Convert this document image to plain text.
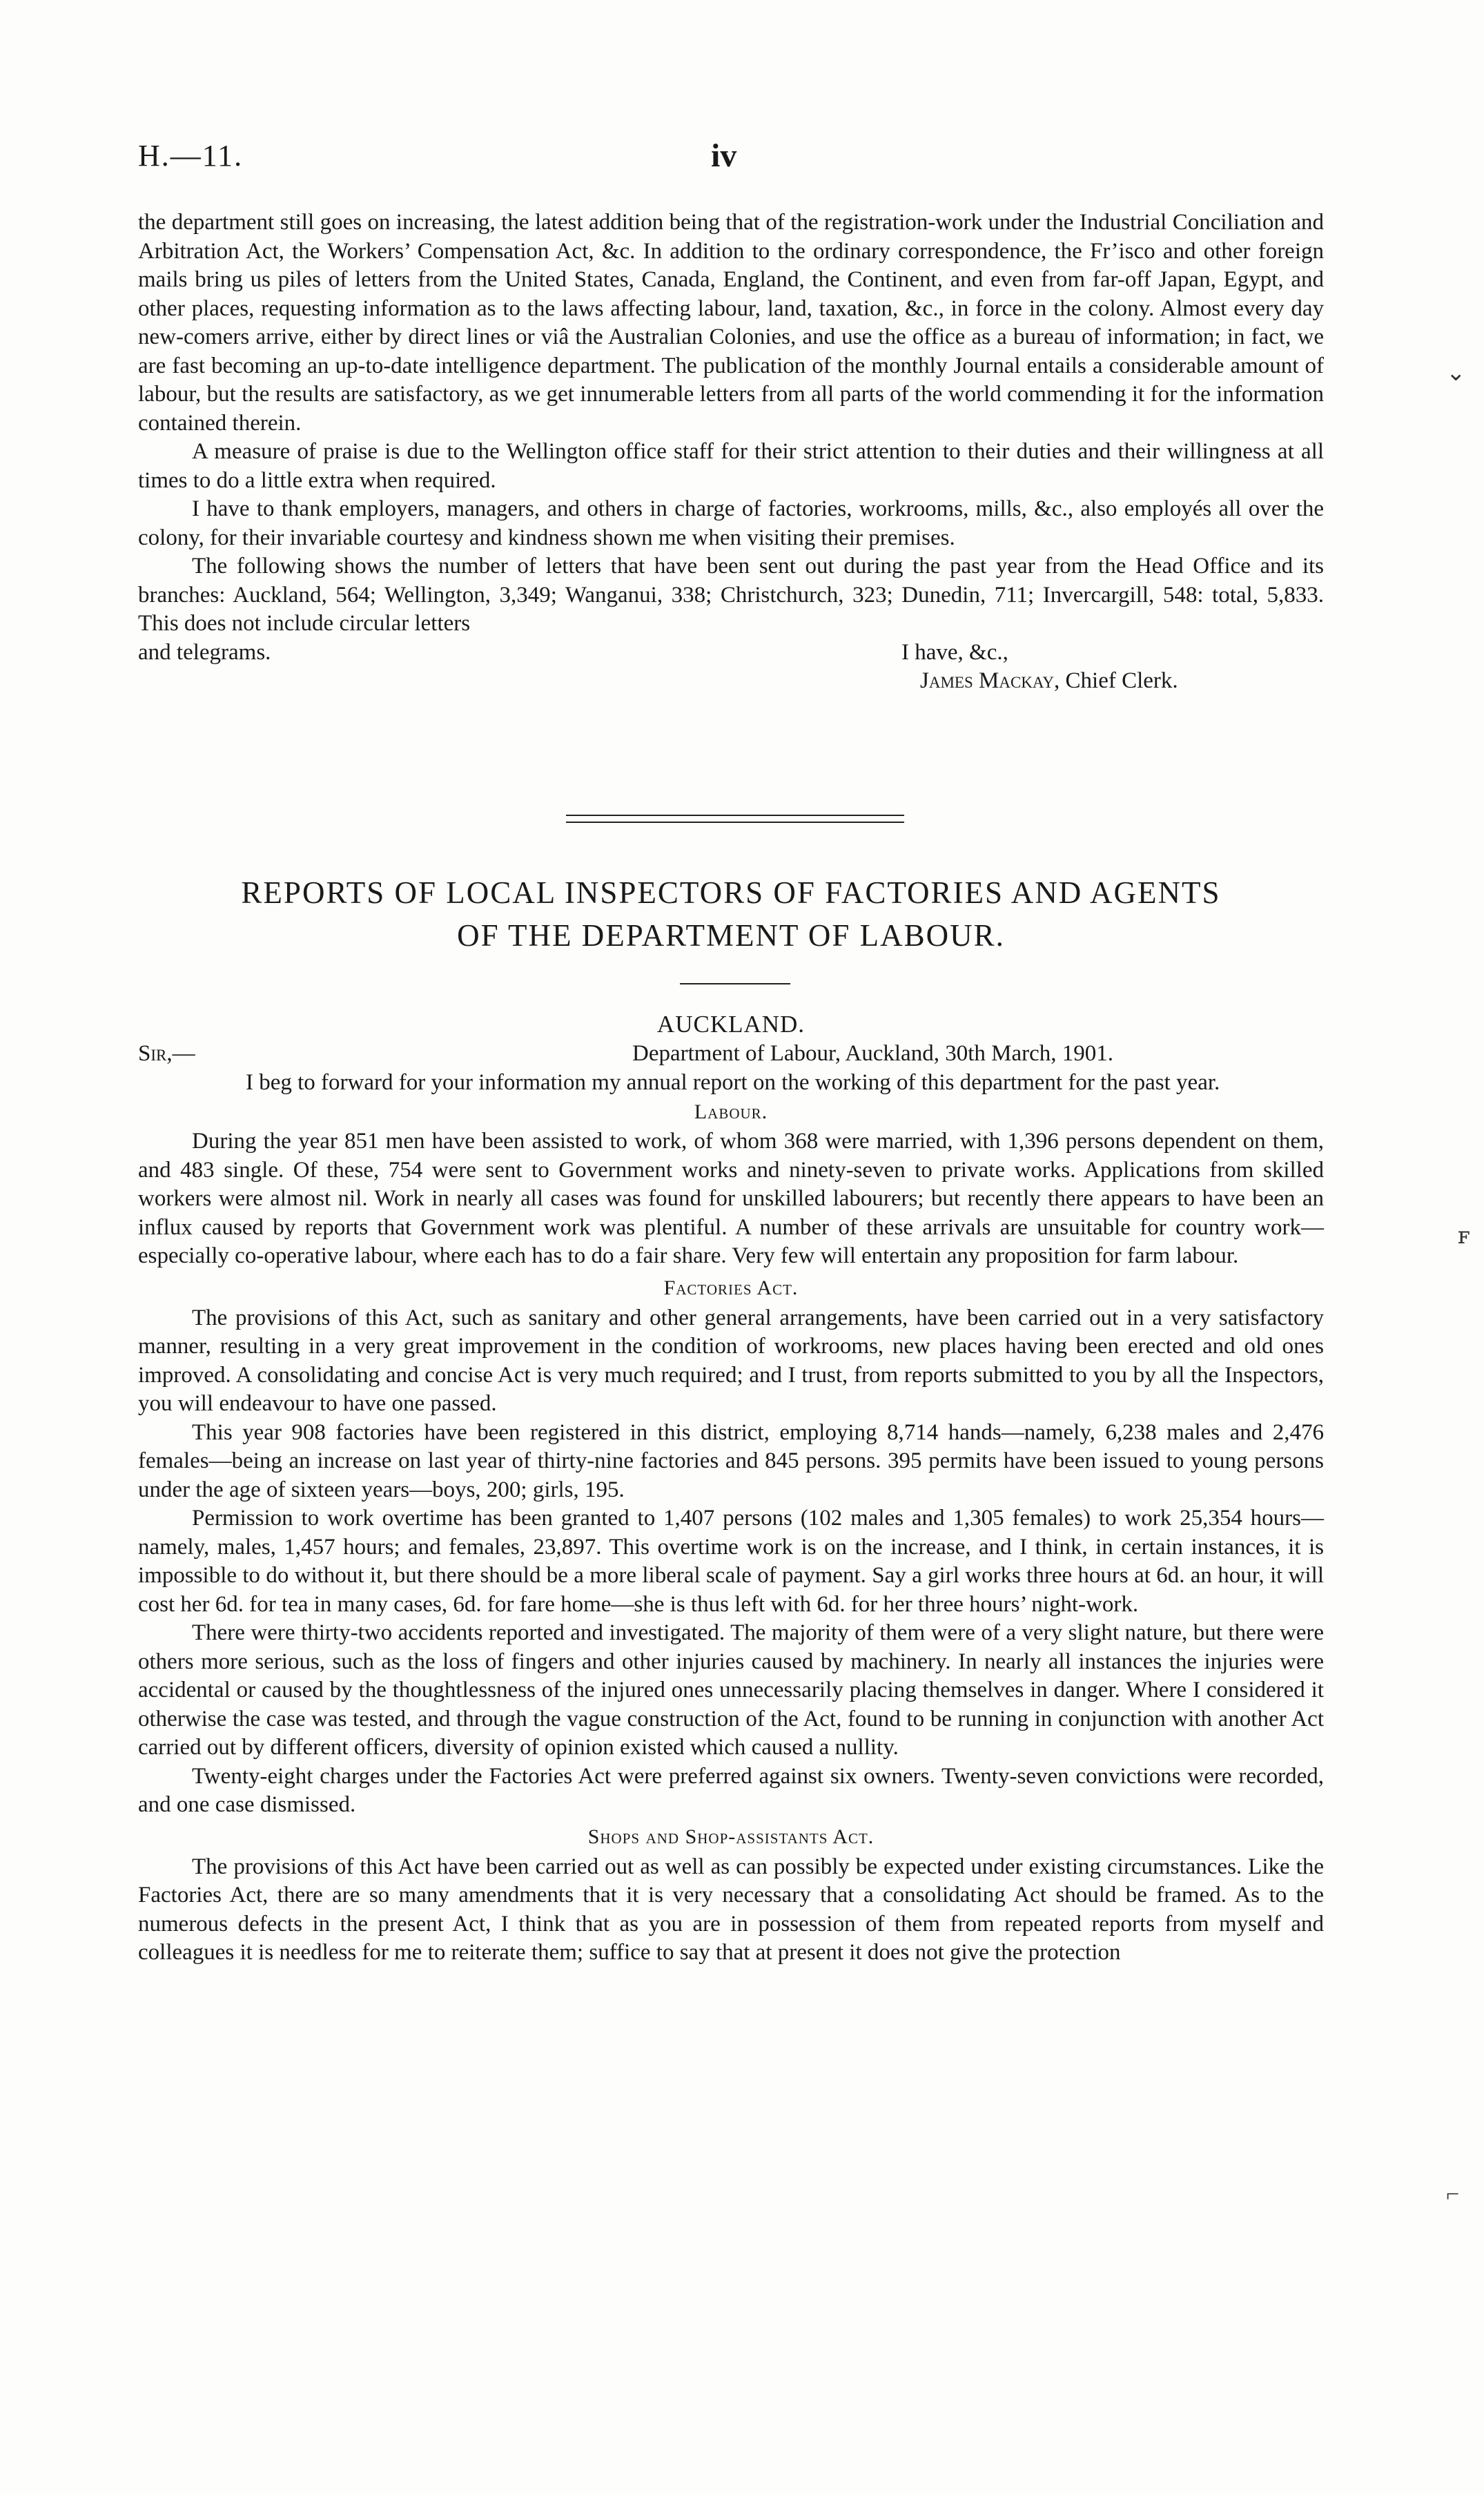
H.—11.	iv

the department still goes on increasing, the latest addition being that of the registration-work under the Industrial Conciliation and Arbitration Act, the Workers’ Compensation Act, &c. In addition to the ordinary correspondence, the Fr’isco and other foreign mails bring us piles of letters from the United States, Canada, England, the Continent, and even from far-off Japan, Egypt, and other places, requesting information as to the laws affecting labour, land, taxation, &c., in force in the colony. Almost every day new-comers arrive, either by direct lines or viâ the Australian Colonies, and use the office as a bureau of information; in fact, we are fast becoming an up-to-date intelligence department. The publication of the monthly Journal entails a considerable amount of labour, but the results are satisfactory, as we get innumerable letters from all parts of the world commending it for the information contained therein.

A measure of praise is due to the Wellington office staff for their strict attention to their duties and their willingness at all times to do a little extra when required.

I have to thank employers, managers, and others in charge of factories, workrooms, mills, &c., also employés all over the colony, for their invariable courtesy and kindness shown me when visiting their premises.

The following shows the number of letters that have been sent out during the past year from the Head Office and its branches: Auckland, 564; Wellington, 3,349; Wanganui, 338; Christchurch, 323; Dunedin, 711; Invercargill, 548: total, 5,833. This does not include circular letters

and telegrams.	I have, &c.,
James Mackay, Chief Clerk.
REPORTS OF LOCAL INSPECTORS OF FACTORIES AND AGENTS
OF THE DEPARTMENT OF LABOUR.
AUCKLAND.
Sir,—	Department of Labour, Auckland, 30th March, 1901.

I beg to forward for your information my annual report on the working of this department for the past year.

Labour.

During the year 851 men have been assisted to work, of whom 368 were married, with 1,396 persons dependent on them, and 483 single. Of these, 754 were sent to Government works and ninety-seven to private works. Applications from skilled workers were almost nil. Work in nearly all cases was found for unskilled labourers; but recently there appears to have been an influx caused by reports that Government work was plentiful. A number of these arrivals are unsuitable for country work—especially co-operative labour, where each has to do a fair share. Very few will entertain any proposition for farm labour.

Factories Act.

The provisions of this Act, such as sanitary and other general arrangements, have been carried out in a very satisfactory manner, resulting in a very great improvement in the condition of workrooms, new places having been erected and old ones improved. A consolidating and concise Act is very much required; and I trust, from reports submitted to you by all the Inspectors, you will endeavour to have one passed.

This year 908 factories have been registered in this district, employing 8,714 hands—namely, 6,238 males and 2,476 females—being an increase on last year of thirty-nine factories and 845 persons. 395 permits have been issued to young persons under the age of sixteen years—boys, 200; girls, 195.

Permission to work overtime has been granted to 1,407 persons (102 males and 1,305 females) to work 25,354 hours—namely, males, 1,457 hours; and females, 23,897. This overtime work is on the increase, and I think, in certain instances, it is impossible to do without it, but there should be a more liberal scale of payment. Say a girl works three hours at 6d. an hour, it will cost her 6d. for tea in many cases, 6d. for fare home—she is thus left with 6d. for her three hours’ night-work.

There were thirty-two accidents reported and investigated. The majority of them were of a very slight nature, but there were others more serious, such as the loss of fingers and other injuries caused by machinery. In nearly all instances the injuries were accidental or caused by the thoughtlessness of the injured ones unnecessarily placing themselves in danger. Where I considered it otherwise the case was tested, and through the vague construction of the Act, found to be running in conjunction with another Act carried out by different officers, diversity of opinion existed which caused a nullity.

Twenty-eight charges under the Factories Act were preferred against six owners. Twenty-seven convictions were recorded, and one case dismissed.

Shops and Shop-assistants Act.

The provisions of this Act have been carried out as well as can possibly be expected under existing circumstances. Like the Factories Act, there are so many amendments that it is very necessary that a consolidating Act should be framed. As to the numerous defects in the present Act, I think that as you are in possession of them from repeated reports from myself and colleagues it is needless for me to reiterate them; suffice to say that at present it does not give the protection

⌄
ꜰ
⌐
